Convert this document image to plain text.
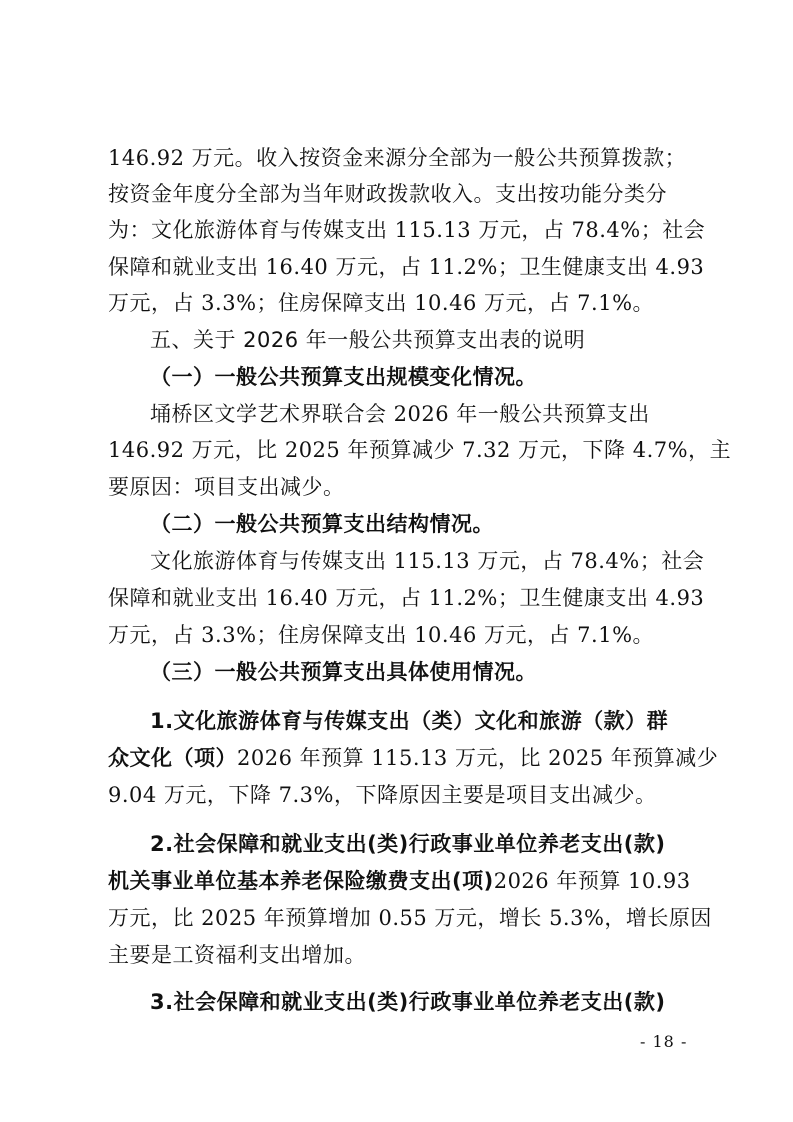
146.92 万元。收入按资金来源分全部为一般公共预算拨款；
按资金年度分全部为当年财政拨款收入。支出按功能分类分
为：文化旅游体育与传媒支出 115.13 万元，占 78.4%；社会
保障和就业支出 16.40 万元，占 11.2%；卫生健康支出 4.93
万元，占 3.3%；住房保障支出 10.46 万元，占 7.1%。
五、关于 2026 年一般公共预算支出表的说明
（一）一般公共预算支出规模变化情况。
埇桥区文学艺术界联合会 2026 年一般公共预算支出
146.92 万元，比 2025 年预算减少 7.32 万元，下降 4.7%，主
要原因：项目支出减少。
（二）一般公共预算支出结构情况。
文化旅游体育与传媒支出 115.13 万元，占 78.4%；社会
保障和就业支出 16.40 万元，占 11.2%；卫生健康支出 4.93
万元，占 3.3%；住房保障支出 10.46 万元，占 7.1%。
（三）一般公共预算支出具体使用情况。
1.文化旅游体育与传媒支出（类）文化和旅游（款）群
众文化（项）2026 年预算 115.13 万元，比 2025 年预算减少
9.04 万元，下降 7.3%，下降原因主要是项目支出减少。
2.社会保障和就业支出(类)行政事业单位养老支出(款)
机关事业单位基本养老保险缴费支出(项)2026 年预算 10.93
万元，比 2025 年预算增加 0.55 万元，增长 5.3%，增长原因
主要是工资福利支出增加。
3.社会保障和就业支出(类)行政事业单位养老支出(款)
- 18 -
